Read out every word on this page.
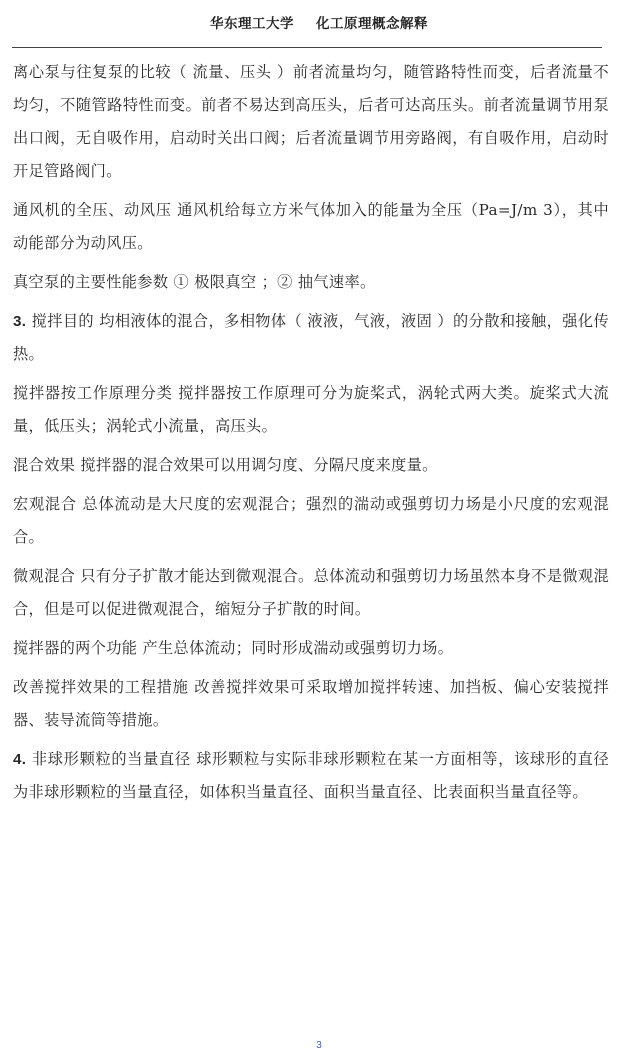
华东理工大学 化工原理概念解释

离心泵与往复泵的比较（ 流量、压头 ）前者流量均匀，随管路特性而变，后者流量不均匀，不随管路特性而变。前者不易达到高压头，后者可达高压头。前者流量调节用泵出口阀，无自吸作用，启动时关出口阀；后者流量调节用旁路阀，有自吸作用，启动时开足管路阀门。

通风机的全压、动风压 通风机给每立方米气体加入的能量为全压（Pa=J/m 3），其中动能部分为动风压。

真空泵的主要性能参数 ① 极限真空 ；② 抽气速率。

3. 搅拌目的 均相液体的混合，多相物体（ 液液，气液，液固 ）的分散和接触，强化传热。

搅拌器按工作原理分类 搅拌器按工作原理可分为旋桨式，涡轮式两大类。旋桨式大流量，低压头；涡轮式小流量，高压头。

混合效果 搅拌器的混合效果可以用调匀度、分隔尺度来度量。

宏观混合 总体流动是大尺度的宏观混合；强烈的湍动或强剪切力场是小尺度的宏观混合。

微观混合 只有分子扩散才能达到微观混合。总体流动和强剪切力场虽然本身不是微观混合，但是可以促进微观混合，缩短分子扩散的时间。

搅拌器的两个功能 产生总体流动；同时形成湍动或强剪切力场。

改善搅拌效果的工程措施 改善搅拌效果可采取增加搅拌转速、加挡板、偏心安装搅拌器、装导流筒等措施。

4. 非球形颗粒的当量直径 球形颗粒与实际非球形颗粒在某一方面相等，该球形的直径为非球形颗粒的当量直径，如体积当量直径、面积当量直径、比表面积当量直径等。

3
